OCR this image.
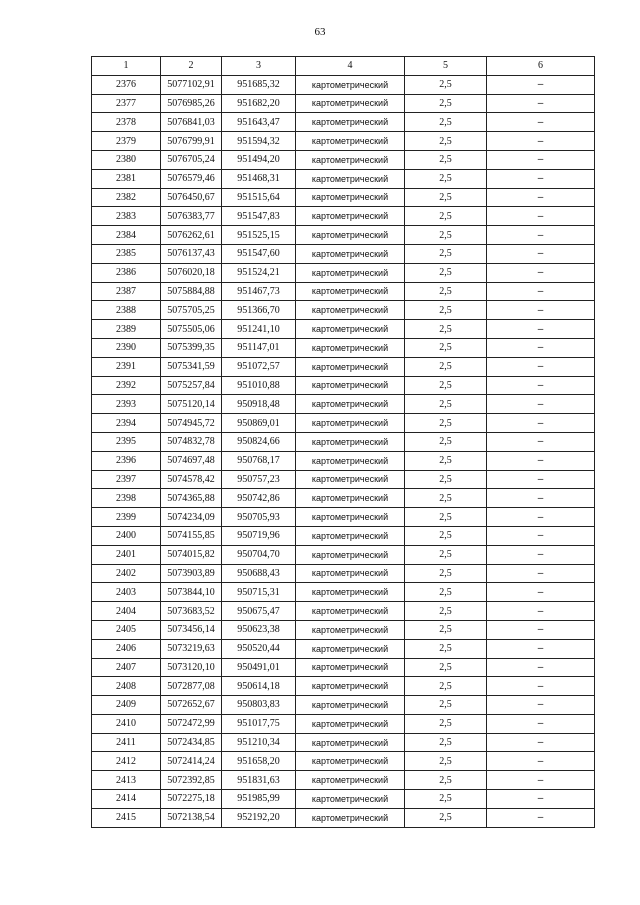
63
1	2	3	4	5	6
2376	5077102,91	951685,32	картометрический	2,5	–
2377	5076985,26	951682,20	картометрический	2,5	–
2378	5076841,03	951643,47	картометрический	2,5	–
2379	5076799,91	951594,32	картометрический	2,5	–
2380	5076705,24	951494,20	картометрический	2,5	–
2381	5076579,46	951468,31	картометрический	2,5	–
2382	5076450,67	951515,64	картометрический	2,5	–
2383	5076383,77	951547,83	картометрический	2,5	–
2384	5076262,61	951525,15	картометрический	2,5	–
2385	5076137,43	951547,60	картометрический	2,5	–
2386	5076020,18	951524,21	картометрический	2,5	–
2387	5075884,88	951467,73	картометрический	2,5	–
2388	5075705,25	951366,70	картометрический	2,5	–
2389	5075505,06	951241,10	картометрический	2,5	–
2390	5075399,35	951147,01	картометрический	2,5	–
2391	5075341,59	951072,57	картометрический	2,5	–
2392	5075257,84	951010,88	картометрический	2,5	–
2393	5075120,14	950918,48	картометрический	2,5	–
2394	5074945,72	950869,01	картометрический	2,5	–
2395	5074832,78	950824,66	картометрический	2,5	–
2396	5074697,48	950768,17	картометрический	2,5	–
2397	5074578,42	950757,23	картометрический	2,5	–
2398	5074365,88	950742,86	картометрический	2,5	–
2399	5074234,09	950705,93	картометрический	2,5	–
2400	5074155,85	950719,96	картометрический	2,5	–
2401	5074015,82	950704,70	картометрический	2,5	–
2402	5073903,89	950688,43	картометрический	2,5	–
2403	5073844,10	950715,31	картометрический	2,5	–
2404	5073683,52	950675,47	картометрический	2,5	–
2405	5073456,14	950623,38	картометрический	2,5	–
2406	5073219,63	950520,44	картометрический	2,5	–
2407	5073120,10	950491,01	картометрический	2,5	–
2408	5072877,08	950614,18	картометрический	2,5	–
2409	5072652,67	950803,83	картометрический	2,5	–
2410	5072472,99	951017,75	картометрический	2,5	–
2411	5072434,85	951210,34	картометрический	2,5	–
2412	5072414,24	951658,20	картометрический	2,5	–
2413	5072392,85	951831,63	картометрический	2,5	–
2414	5072275,18	951985,99	картометрический	2,5	–
2415	5072138,54	952192,20	картометрический	2,5	–
